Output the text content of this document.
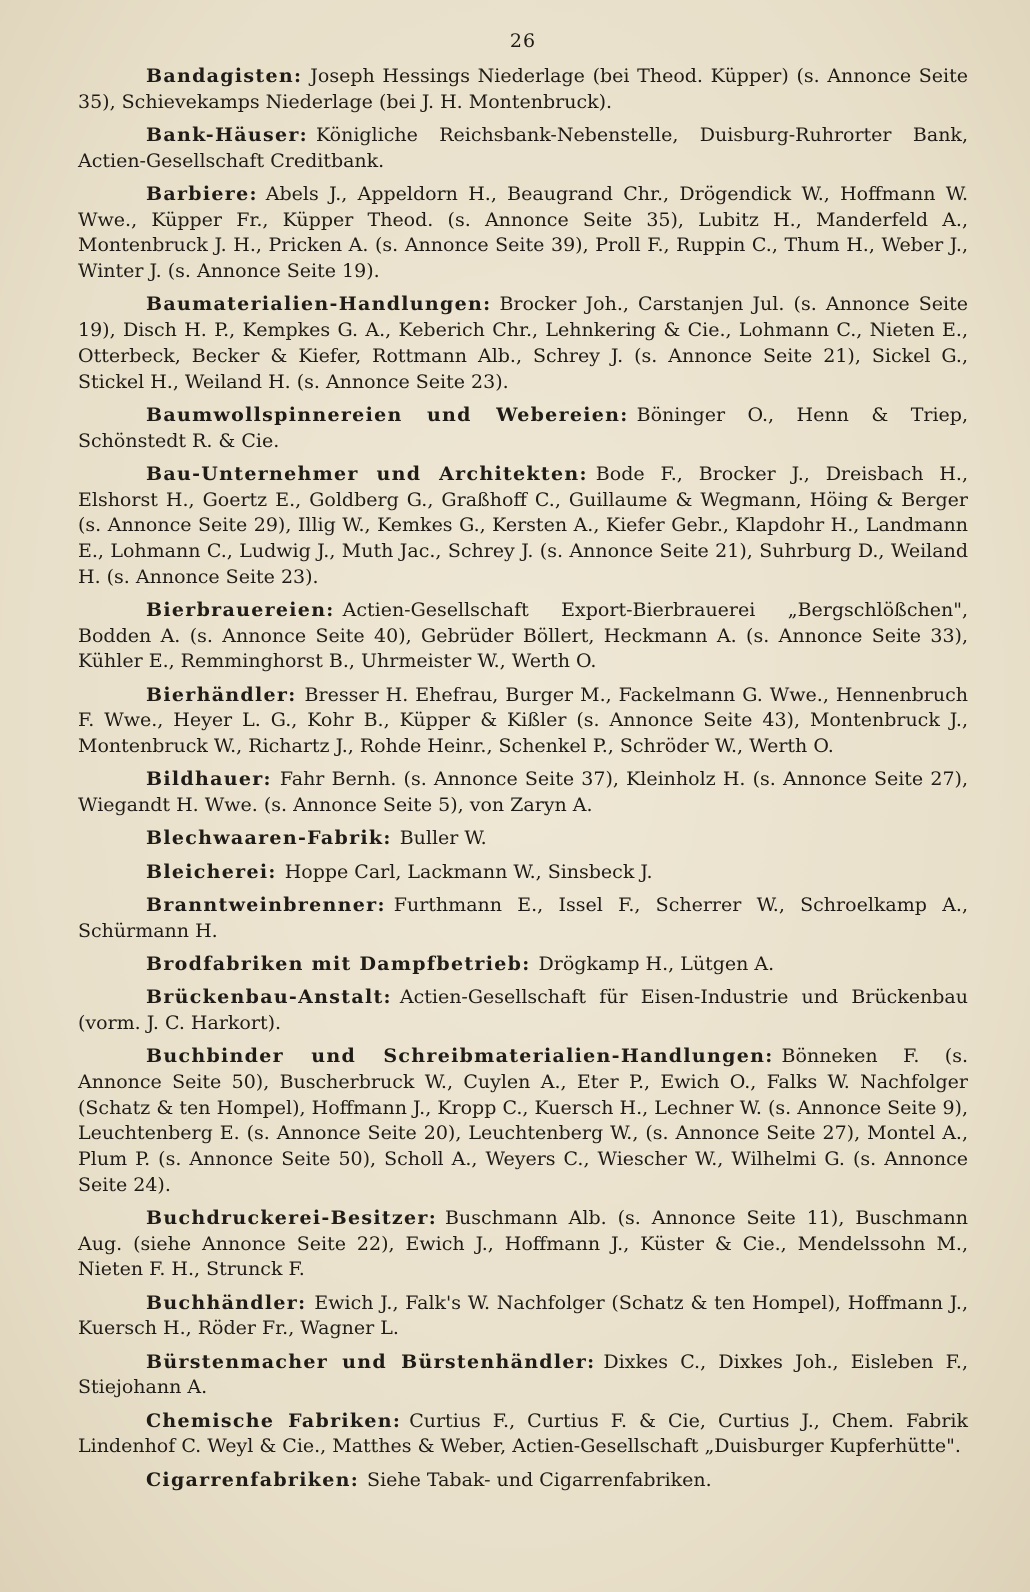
26

Bandagisten: Joseph Hessings Niederlage (bei Theod. Küpper) (s. Annonce Seite 35), Schievekamps Niederlage (bei J. H. Montenbruck).

Bank-Häuser: Königliche Reichsbank-Nebenstelle, Duisburg-Ruhrorter Bank, Actien-Gesellschaft Creditbank.

Barbiere: Abels J., Appeldorn H., Beaugrand Chr., Drögendick W., Hoffmann W. Wwe., Küpper Fr., Küpper Theod. (s. Annonce Seite 35), Lubitz H., Manderfeld A., Montenbruck J. H., Pricken A. (s. Annonce Seite 39), Proll F., Ruppin C., Thum H., Weber J., Winter J. (s. Annonce Seite 19).

Baumaterialien-Handlungen: Brocker Joh., Carstanjen Jul. (s. Annonce Seite 19), Disch H. P., Kempkes G. A., Keberich Chr., Lehnkering & Cie., Lohmann C., Nieten E., Otterbeck, Becker & Kiefer, Rottmann Alb., Schrey J. (s. Annonce Seite 21), Sickel G., Stickel H., Weiland H. (s. Annonce Seite 23).

Baumwollspinnereien und Webereien: Böninger O., Henn & Triep, Schönstedt R. & Cie.

Bau-Unternehmer und Architekten: Bode F., Brocker J., Dreisbach H., Elshorst H., Goertz E., Goldberg G., Graßhoff C., Guillaume & Wegmann, Höing & Berger (s. Annonce Seite 29), Illig W., Kemkes G., Kersten A., Kiefer Gebr., Klapdohr H., Landmann E., Lohmann C., Ludwig J., Muth Jac., Schrey J. (s. Annonce Seite 21), Suhrburg D., Weiland H. (s. Annonce Seite 23).

Bierbrauereien: Actien-Gesellschaft Export-Bierbrauerei „Bergschlößchen", Bodden A. (s. Annonce Seite 40), Gebrüder Böllert, Heckmann A. (s. Annonce Seite 33), Kühler E., Remminghorst B., Uhrmeister W., Werth O.

Bierhändler: Bresser H. Ehefrau, Burger M., Fackelmann G. Wwe., Hennenbruch F. Wwe., Heyer L. G., Kohr B., Küpper & Kißler (s. Annonce Seite 43), Montenbruck J., Montenbruck W., Richartz J., Rohde Heinr., Schenkel P., Schröder W., Werth O.

Bildhauer: Fahr Bernh. (s. Annonce Seite 37), Kleinholz H. (s. Annonce Seite 27), Wiegandt H. Wwe. (s. Annonce Seite 5), von Zaryn A.

Blechwaaren-Fabrik: Buller W.

Bleicherei: Hoppe Carl, Lackmann W., Sinsbeck J.

Branntweinbrenner: Furthmann E., Issel F., Scherrer W., Schroelkamp A., Schürmann H.

Brodfabriken mit Dampfbetrieb: Drögkamp H., Lütgen A.

Brückenbau-Anstalt: Actien-Gesellschaft für Eisen-Industrie und Brückenbau (vorm. J. C. Harkort).

Buchbinder und Schreibmaterialien-Handlungen: Bönneken F. (s. Annonce Seite 50), Buscherbruck W., Cuylen A., Eter P., Ewich O., Falks W. Nachfolger (Schatz & ten Hompel), Hoffmann J., Kropp C., Kuersch H., Lechner W. (s. Annonce Seite 9), Leuchtenberg E. (s. Annonce Seite 20), Leuchtenberg W., (s. Annonce Seite 27), Montel A., Plum P. (s. Annonce Seite 50), Scholl A., Weyers C., Wiescher W., Wilhelmi G. (s. Annonce Seite 24).

Buchdruckerei-Besitzer: Buschmann Alb. (s. Annonce Seite 11), Buschmann Aug. (siehe Annonce Seite 22), Ewich J., Hoffmann J., Küster & Cie., Mendelssohn M., Nieten F. H., Strunck F.

Buchhändler: Ewich J., Falk's W. Nachfolger (Schatz & ten Hompel), Hoffmann J., Kuersch H., Röder Fr., Wagner L.

Bürstenmacher und Bürstenhändler: Dixkes C., Dixkes Joh., Eisleben F., Stiejohann A.

Chemische Fabriken: Curtius F., Curtius F. & Cie, Curtius J., Chem. Fabrik Lindenhof C. Weyl & Cie., Matthes & Weber, Actien-Gesellschaft „Duisburger Kupferhütte".

Cigarrenfabriken: Siehe Tabak- und Cigarrenfabriken.
